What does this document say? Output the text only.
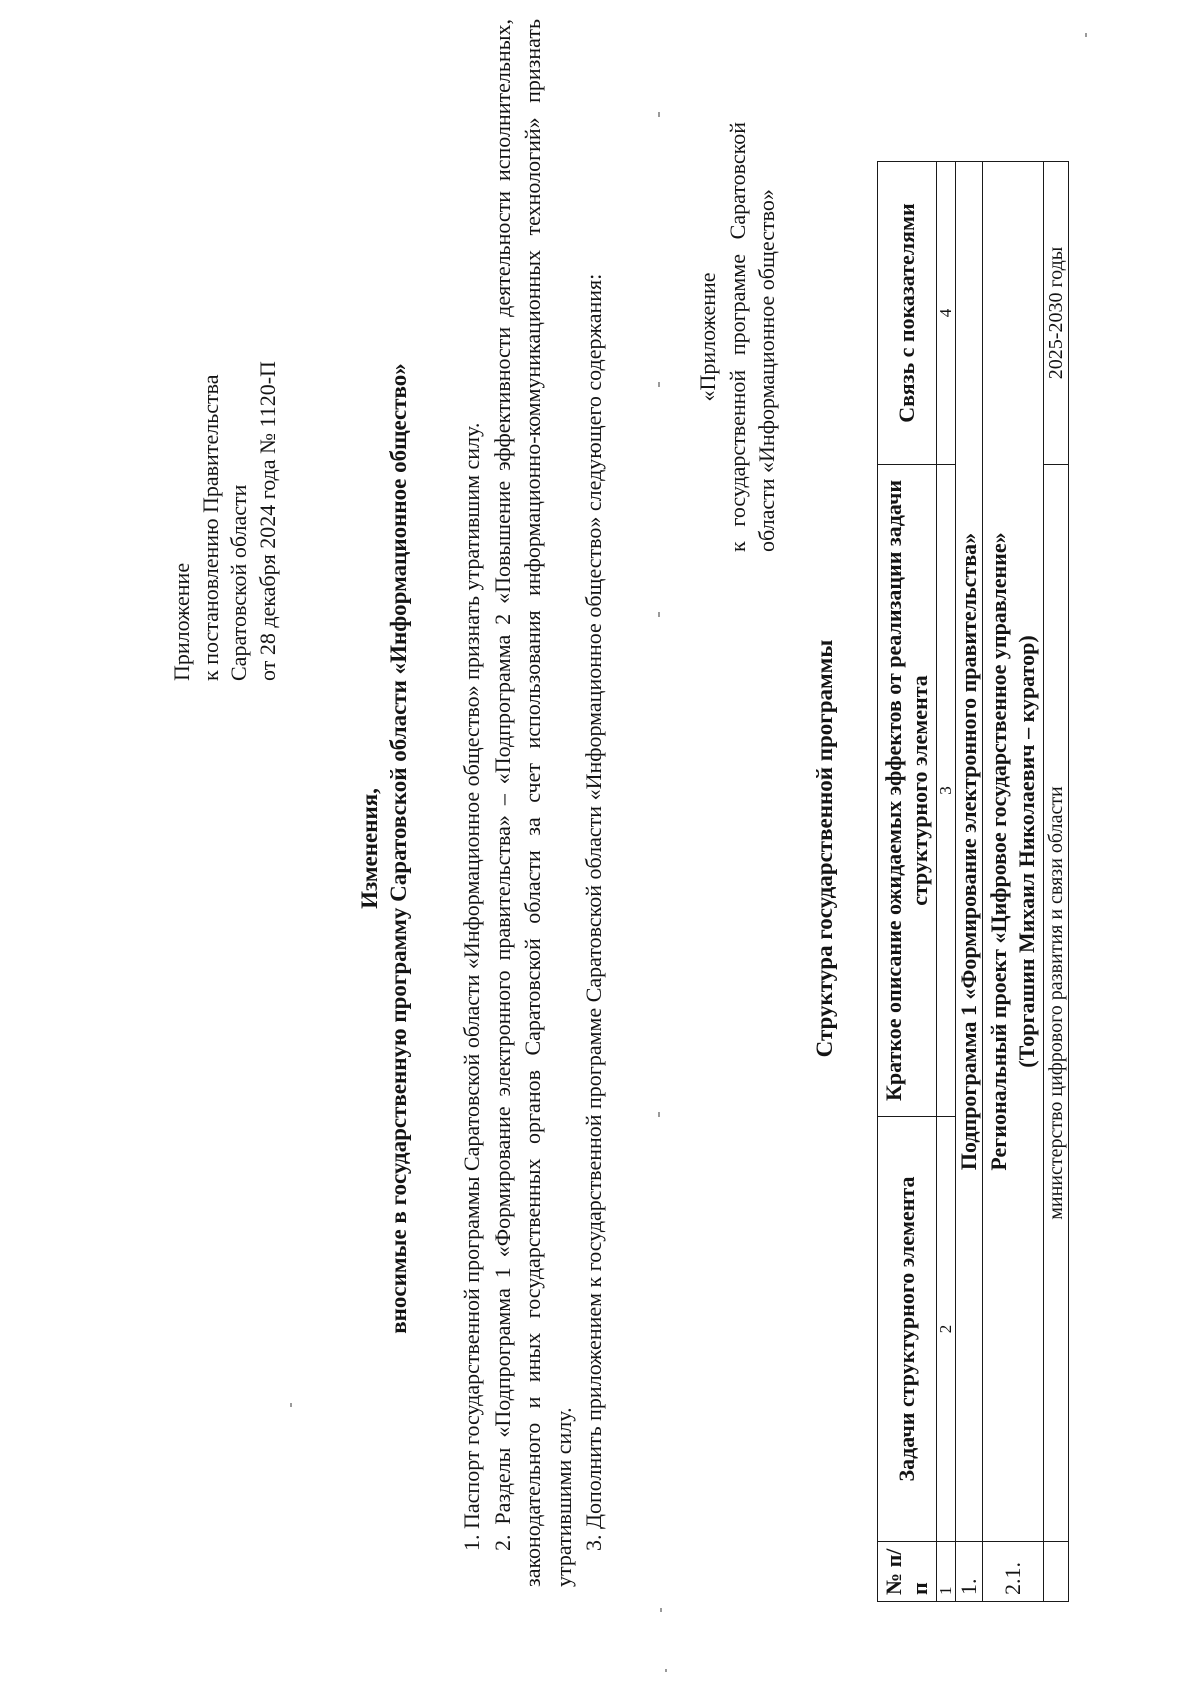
Приложение к постановлению Правительства Саратовской области от 28 декабря 2024 года № 1120-П
Изменения, вносимые в государственную программу Саратовской области «Информационное общество» 1. Паспорт государственной программы Саратовской области «Информационное общество» признать утратившим силу. 2. Разделы «Подпрограмма 1 «Формирование электронного правительства» – «Подпрограмма 2 «Повышение эффективности деятельности исполнительных, законодательного и иных государственных органов Саратовской области за счет использования информационно-коммуникационных технологий» признать утратившими силу. 3. Дополнить приложением к государственной программе Саратовской области «Информационное общество» следующего содержания:	«Приложение к государственной программе Саратовской области «Информационное общество»
Структура государственной программы
№ п/п	Задачи структурного элемента	Краткое описание ожидаемых эффектов от реализации задачи структурного элемента	Связь с показателями
1	2	3	4
1.	Подпрограмма 1 «Формирование электронного правительства»		
2.1.	Региональный проект «Цифровое государственное управление» (Торгашин Михаил Николаевич – куратор)		

	министерство цифрового развития и связи области		2025-2030 годы
